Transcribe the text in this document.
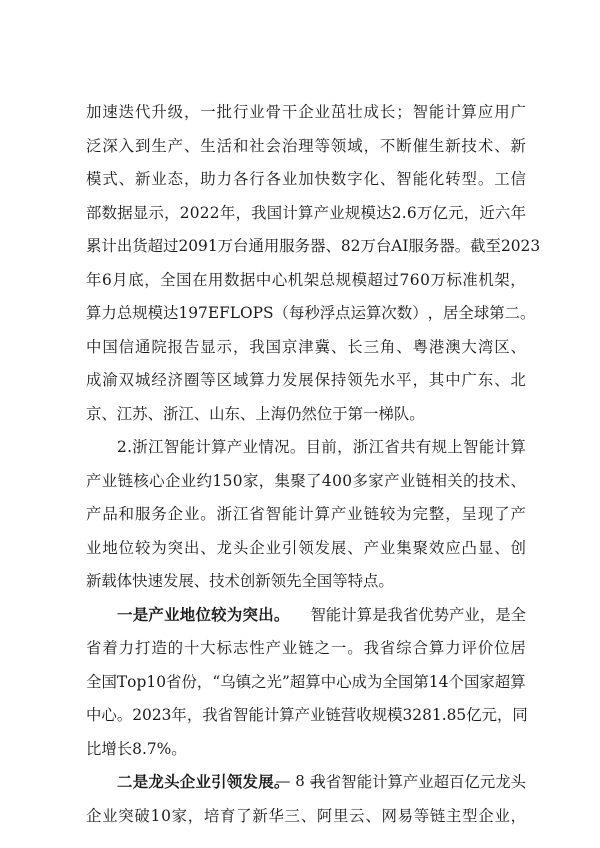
加 速 迭 代 升 级 ， 一 批 行 业 骨 干 企 业 茁 壮 成 长 ； 智 能 计 算 应 用 广
泛 深 入 到 生 产 、 生 活 和 社 会 治 理 等 领 域 ， 不 断 催 生 新 技 术 、 新
模 式 、 新 业 态 ， 助 力 各 行 各 业 加 快 数 字 化 、 智 能 化 转 型 。 工 信
部 数 据 显 示 ， 2 0 2 2 年 ， 我 国 计 算 产 业 规 模 达 2 . 6 万 亿 元 ， 近 六 年
累 计 出 货 超 过 2 0 9 1 万 台 通 用 服 务 器 、 8 2 万 台 A I 服 务 器 。 截 至 2 0 2 3
年 6 月 底 ， 全 国 在 用 数 据 中 心 机 架 总 规 模 超 过 7 6 0 万 标 准 机 架 ，
算 力 总 规 模 达 1 9 7 E F L O P S （ 每 秒 浮 点 运 算 次 数 ） ， 居 全 球 第 二 。
中 国 信 通 院 报 告 显 示 ， 我 国 京 津 冀 、 长 三 角 、 粤 港 澳 大 湾 区 、
成 渝 双 城 经 济 圈 等 区 域 算 力 发 展 保 持 领 先 水 平 ， 其 中 广 东 、 北
京、江苏、浙江、山东、上海仍然位于第一梯队。
2 . 浙 江 智 能 计 算 产 业 情 况 。 目 前 ， 浙 江 省 共 有 规 上 智 能 计 算
产 业 链 核 心 企 业 约 1 5 0 家 ， 集 聚 了 4 0 0 多 家 产 业 链 相 关 的 技 术 、
产 品 和 服 务 企 业 。 浙 江 省 智 能 计 算 产 业 链 较 为 完 整 ， 呈 现 了 产
业 地 位 较 为 突 出 、 龙 头 企 业 引 领 发 展 、 产 业 集 聚 效 应 凸 显 、 创
新载体快速发展、技术创新领先全国等特点。
一是产业地位较为突出。 智能计算是我省优势产业，是全
省 着 力 打 造 的 十 大 标 志 性 产 业 链 之 一 。 我 省 综 合 算 力 评 价 位 居
全 国 T o p 1 0 省 份 ， “ 乌 镇 之 光 ” 超 算 中 心 成 为 全 国 第 1 4 个 国 家 超 算
中 心 。 2 0 2 3 年 ， 我 省 智 能 计 算 产 业 链 营 收 规 模 3 2 8 1 . 8 5 亿 元 ， 同
比增长8.7%。
二是龙头企业引领发展。 我省智能计算产业超百亿元龙头
企 业 突 破 1 0 家 ， 培 育 了 新 华 三 、 阿 里 云 、 网 易 等 链 主 型 企 业 ，
— 8 —
